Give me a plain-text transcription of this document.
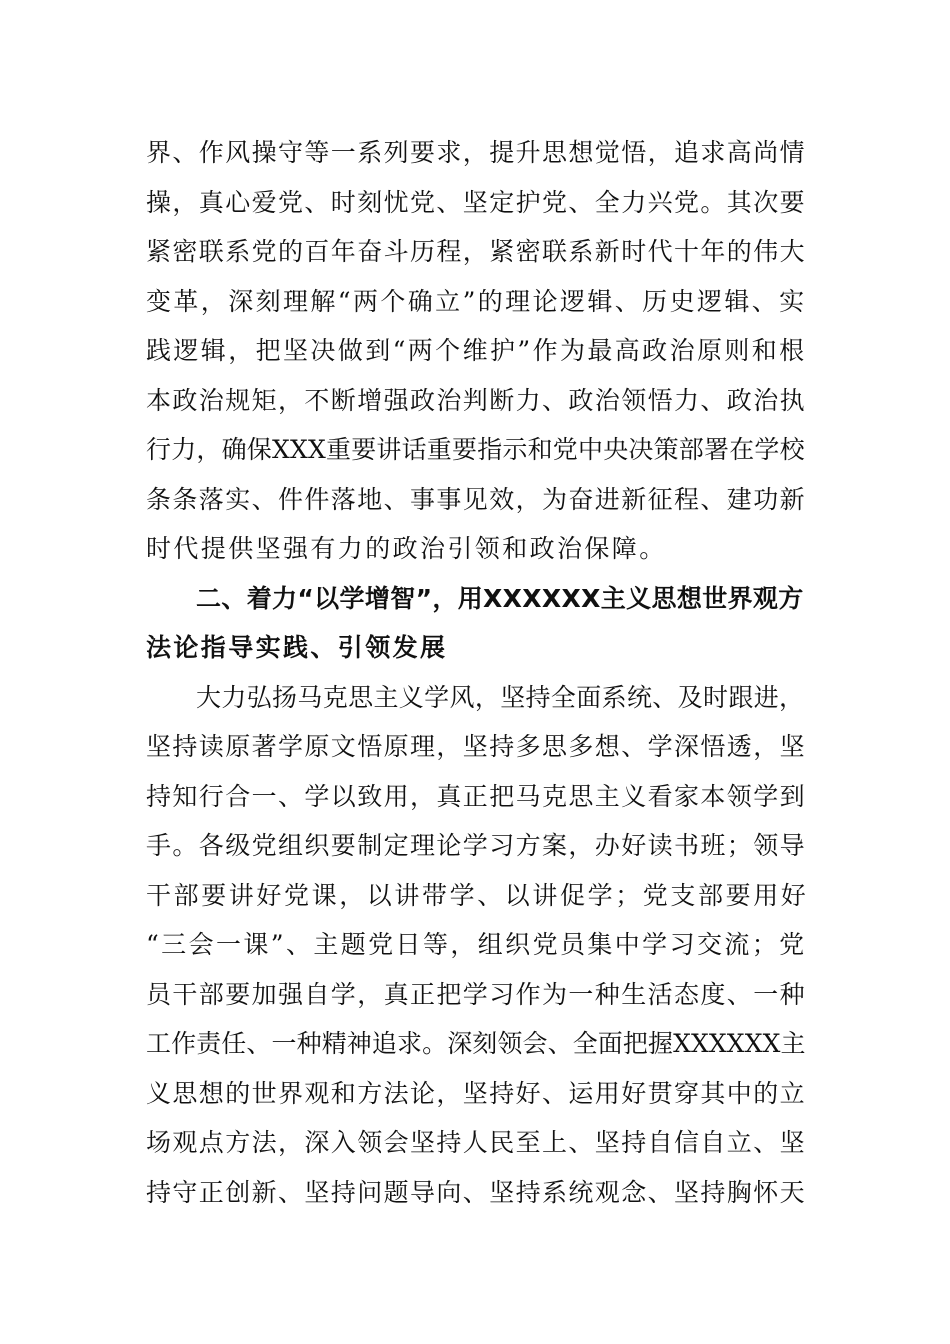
界、作风操守等一系列要求，提升思想觉悟，追求高尚情
操，真心爱党、时刻忧党、坚定护党、全力兴党。其次要
紧密联系党的百年奋斗历程，紧密联系新时代十年的伟大
变革，深刻理解“两个确立”的理论逻辑、历史逻辑、实
践逻辑，把坚决做到“两个维护”作为最高政治原则和根
本政治规矩，不断增强政治判断力、政治领悟力、政治执
行力，确保XXX重要讲话重要指示和党中央决策部署在学校
条条落实、件件落地、事事见效，为奋进新征程、建功新
时代提供坚强有力的政治引领和政治保障。
二、着力“以学增智”，用XXXXXX主义思想世界观方
法论指导实践、引领发展
大力弘扬马克思主义学风，坚持全面系统、及时跟进，
坚持读原著学原文悟原理，坚持多思多想、学深悟透，坚
持知行合一、学以致用，真正把马克思主义看家本领学到
手。各级党组织要制定理论学习方案，办好读书班；领导
干部要讲好党课，以讲带学、以讲促学；党支部要用好
“三会一课”、主题党日等，组织党员集中学习交流；党
员干部要加强自学，真正把学习作为一种生活态度、一种
工作责任、一种精神追求。深刻领会、全面把握XXXXXX主
义思想的世界观和方法论，坚持好、运用好贯穿其中的立
场观点方法，深入领会坚持人民至上、坚持自信自立、坚
持守正创新、坚持问题导向、坚持系统观念、坚持胸怀天
